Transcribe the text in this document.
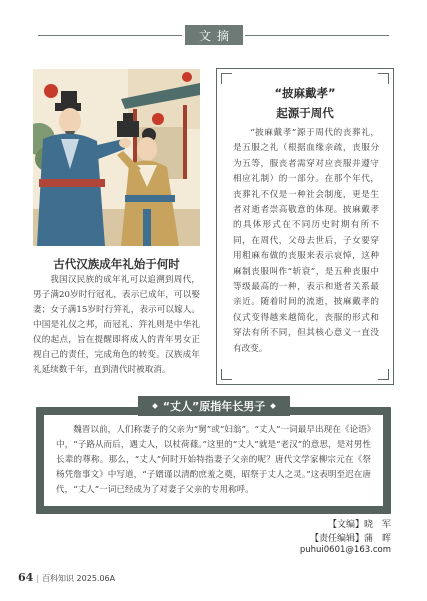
文摘
古代汉族成年礼始于何时
我国汉民族的成年礼可以追溯到周代，男子满20岁时行冠礼，表示已成年，可以娶妻；女子满15岁时行笄礼，表示可以嫁人。中国是礼仪之邦，而冠礼、笄礼则是中华礼仪的起点，旨在提醒即将成人的青年男女正视自己的责任，完成角色的转变。汉族成年礼延续数千年，直到清代时被取消。
“披麻戴孝”
起源于周代
“披麻戴孝”源于周代的丧葬礼，是五服之礼（根据血缘亲疏，丧服分为五等，服丧者需穿对应丧服并遵守相应礼制）的一部分。在那个年代，丧葬礼不仅是一种社会制度，更是生者对逝者崇高敬意的体现。披麻戴孝的具体形式在不同历史时期有所不同，在周代，父母去世后，子女要穿用粗麻布做的丧服来表示哀悼，这种麻制丧服叫作“斩衰”，是五种丧服中等级最高的一种，表示和逝者关系最亲近。随着时间的流逝，披麻戴孝的仪式变得越来越简化，丧服的形式和穿法有所不同，但其核心意义一直没有改变。
魏晋以前，人们称妻子的父亲为“舅”或“妇翁”。“丈人”一词最早出现在《论语》中，“子路从而后，遇丈人，以杖荷蓧。”这里的“丈人”就是“老汉”的意思，是对男性长辈的尊称。那么，“丈人”何时开始特指妻子父亲的呢？唐代文学家柳宗元在《祭杨凭詹事文》中写道，“子婿谨以清酌庶羞之奠，昭祭于丈人之灵。”这表明至迟在唐代，“丈人”一词已经成为了对妻子父亲的专用称呼。
“丈人”原指年长男子
【文编】晓　军
【责任编辑】蒲　晖
puhui0601@163.com
64 | 百科知识 2025.06A
